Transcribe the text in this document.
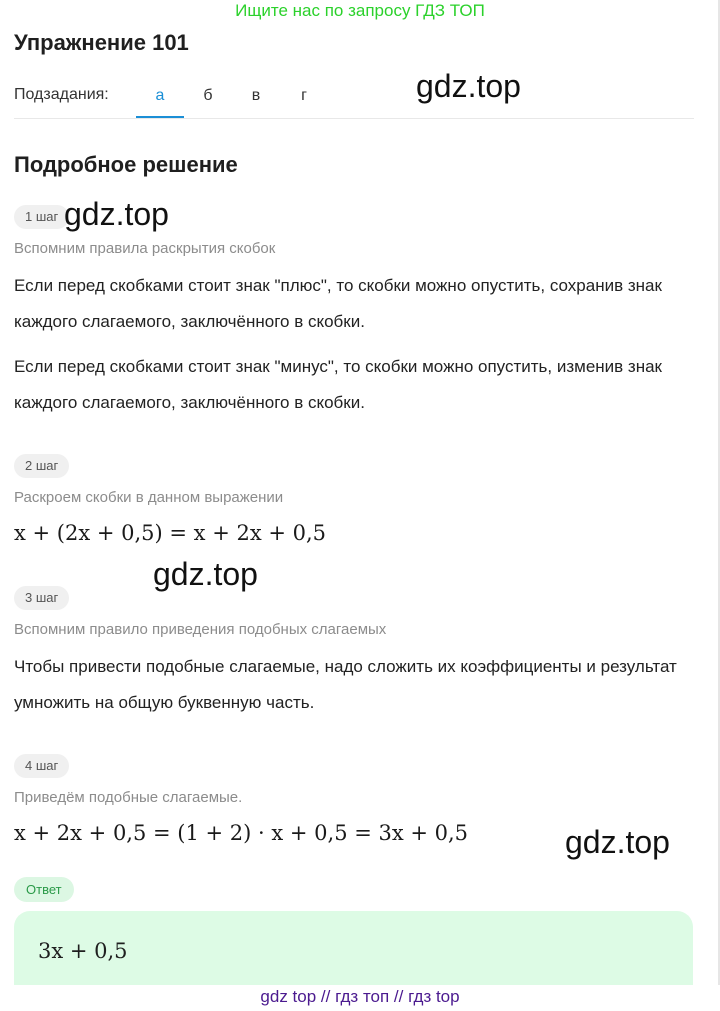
Ищите нас по запросу ГДЗ ТОП
Упражнение 101
Подзадания:	а	б	в	г
Подробное решение
1 шаг
Вспомним правила раскрытия скобок
Если перед скобками стоит знак "плюс", то скобки можно опустить, сохранив знак каждого слагаемого, заключённого в скобки.
Если перед скобками стоит знак "минус", то скобки можно опустить, изменив знак каждого слагаемого, заключённого в скобки.
2 шаг
Раскроем скобки в данном выражении
x + (2x + 0,5) = x + 2x + 0,5
3 шаг
Вспомним правило приведения подобных слагаемых
Чтобы привести подобные слагаемые, надо сложить их коэффициенты и результат умножить на общую буквенную часть.
4 шаг
Приведём подобные слагаемые.
x + 2x + 0,5 = (1 + 2) · x + 0,5 = 3x + 0,5
Ответ
3x + 0,5
gdz.top
gdz.top
gdz.top
gdz.top
gdz top // гдз топ // гдз top
